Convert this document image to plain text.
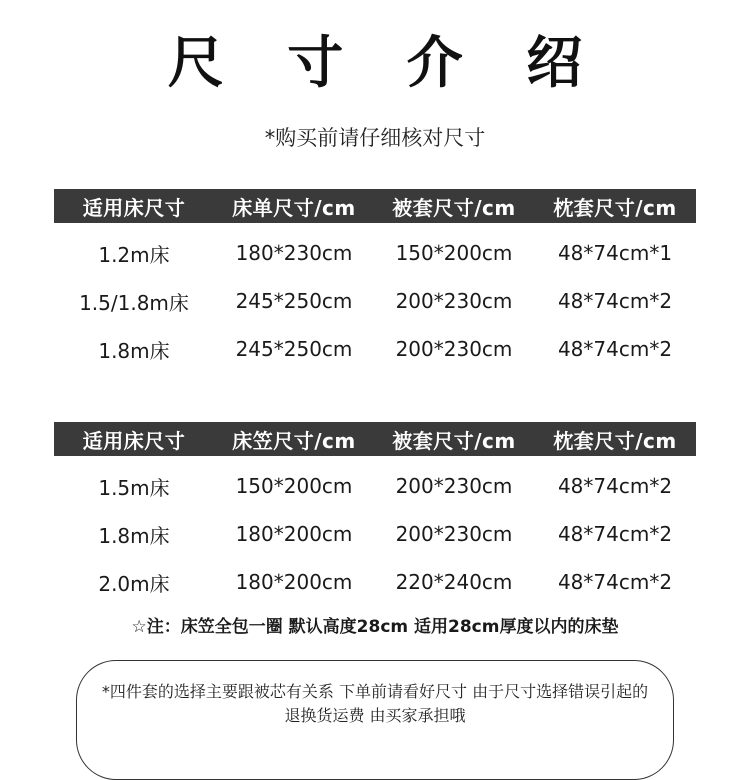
尺 寸 介 绍
*购买前请仔细核对尺寸
适用床尺寸	床单尺寸/cm	被套尺寸/cm	枕套尺寸/cm
1.2m床	180*230cm	150*200cm	48*74cm*1
1.5/1.8m床	245*250cm	200*230cm	48*74cm*2
1.8m床	245*250cm	200*230cm	48*74cm*2
适用床尺寸	床笠尺寸/cm	被套尺寸/cm	枕套尺寸/cm
1.5m床	150*200cm	200*230cm	48*74cm*2
1.8m床	180*200cm	200*230cm	48*74cm*2
2.0m床	180*200cm	220*240cm	48*74cm*2
☆注：床笠全包一圈 默认高度28cm 适用28cm厚度以内的床垫
*四件套的选择主要跟被芯有关系 下单前请看好尺寸 由于尺寸选择错误引起的
退换货运费 由买家承担哦
